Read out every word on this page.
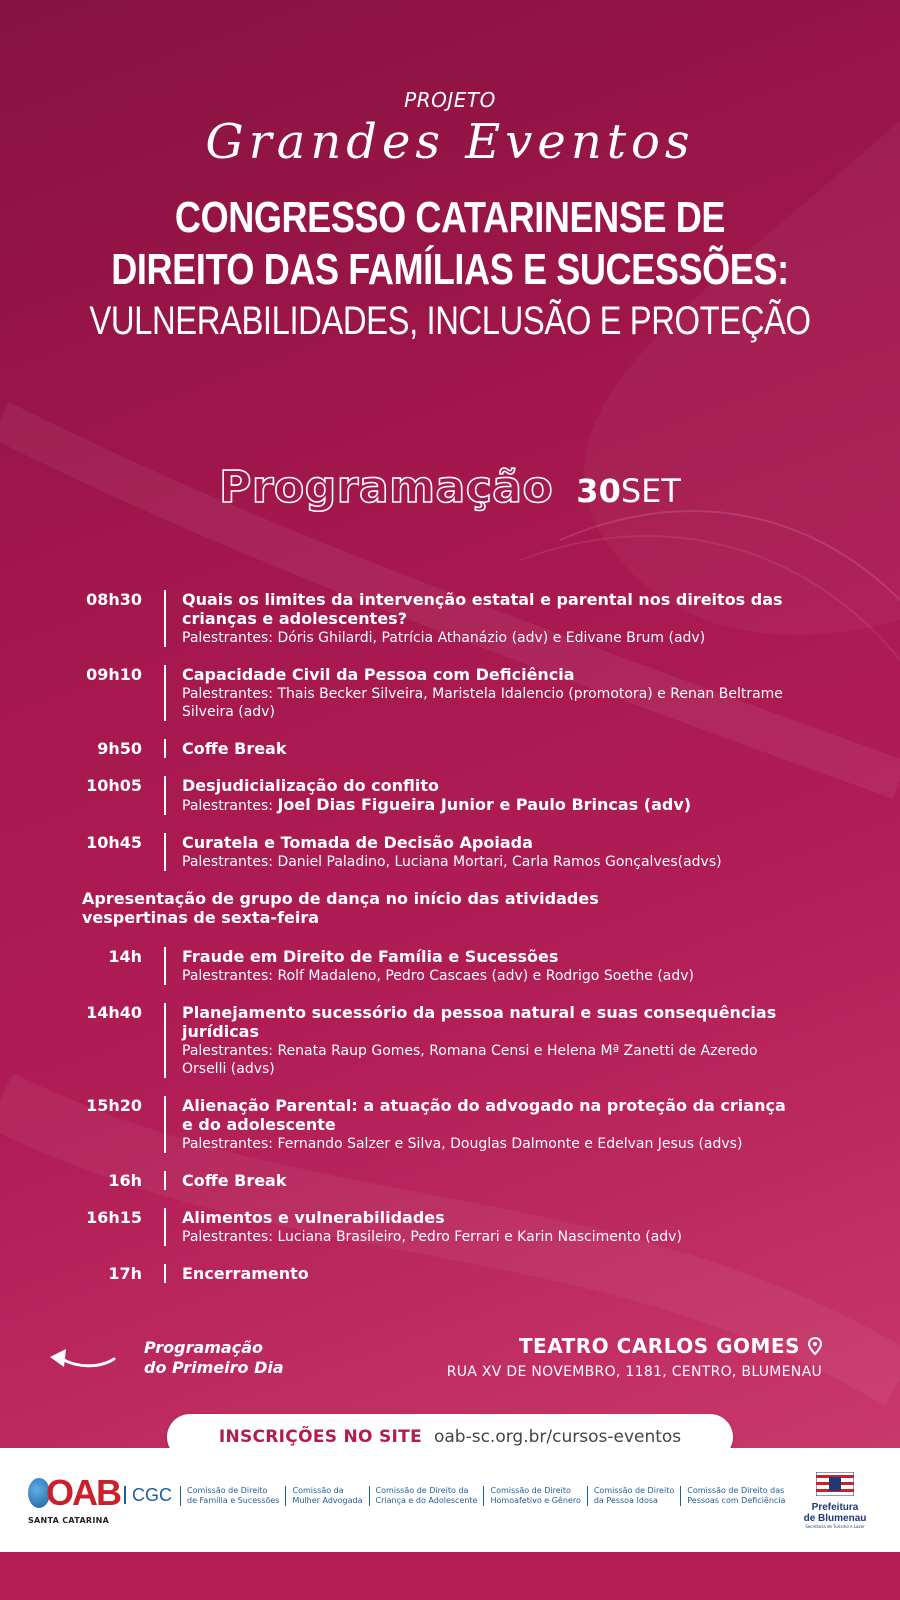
PROJETO
Grandes Eventos
CONGRESSO CATARINENSE DE
DIREITO DAS FAMÍLIAS E SUCESSÕES:
VULNERABILIDADES, INCLUSÃO E PROTEÇÃO
Programação 30SET
08h30	Quais os limites da intervenção estatal e parental nos direitos das crianças e adolescentes?
Palestrantes: Dóris Ghilardi, Patrícia Athanázio (adv) e Edivane Brum (adv)
09h10	Capacidade Civil da Pessoa com Deficiência
Palestrantes: Thais Becker Silveira, Maristela Idalencio (promotora) e Renan Beltrame Silveira (adv)
9h50	Coffe Break
10h05	Desjudicialização do conflito
Palestrantes: Joel Dias Figueira Junior e Paulo Brincas (adv)
10h45	Curatela e Tomada de Decisão Apoiada
Palestrantes: Daniel Paladino, Luciana Mortari, Carla Ramos Gonçalves(advs)
Apresentação de grupo de dança no início das atividades vespertinas de sexta-feira
14h	Fraude em Direito de Família e Sucessões
Palestrantes: Rolf Madaleno, Pedro Cascaes (adv) e Rodrigo Soethe (adv)
14h40	Planejamento sucessório da pessoa natural e suas consequências jurídicas
Palestrantes: Renata Raup Gomes, Romana Censi e Helena Mª Zanetti de Azeredo Orselli (advs)
15h20	Alienação Parental: a atuação do advogado na proteção da criança e do adolescente
Palestrantes: Fernando Salzer e Silva, Douglas Dalmonte e Edelvan Jesus (advs)
16h	Coffe Break
16h15	Alimentos e vulnerabilidades
Palestrantes: Luciana Brasileiro, Pedro Ferrari e Karin Nascimento (adv)
17h	Encerramento
Programação
do Primeiro Dia
TEATRO CARLOS GOMES
RUA XV DE NOVEMBRO, 1181, CENTRO, BLUMENAU
INSCRIÇÕES NO SITE oab-sc.org.br/cursos-eventos
OAB
SANTA CATARINA
CGC Comissão de Direito
de Família e Sucessões
Comissão da
Mulher Advogada
Comissão de Direito da
Criança e do Adolescente
Comissão de Direito
Homoafetivo e Gênero
Comissão de Direito
da Pessoa Idosa
Comissão de Direito das
Pessoas com Deficiência
Prefeitura
de Blumenau
Secretaria de Turismo e Lazer
